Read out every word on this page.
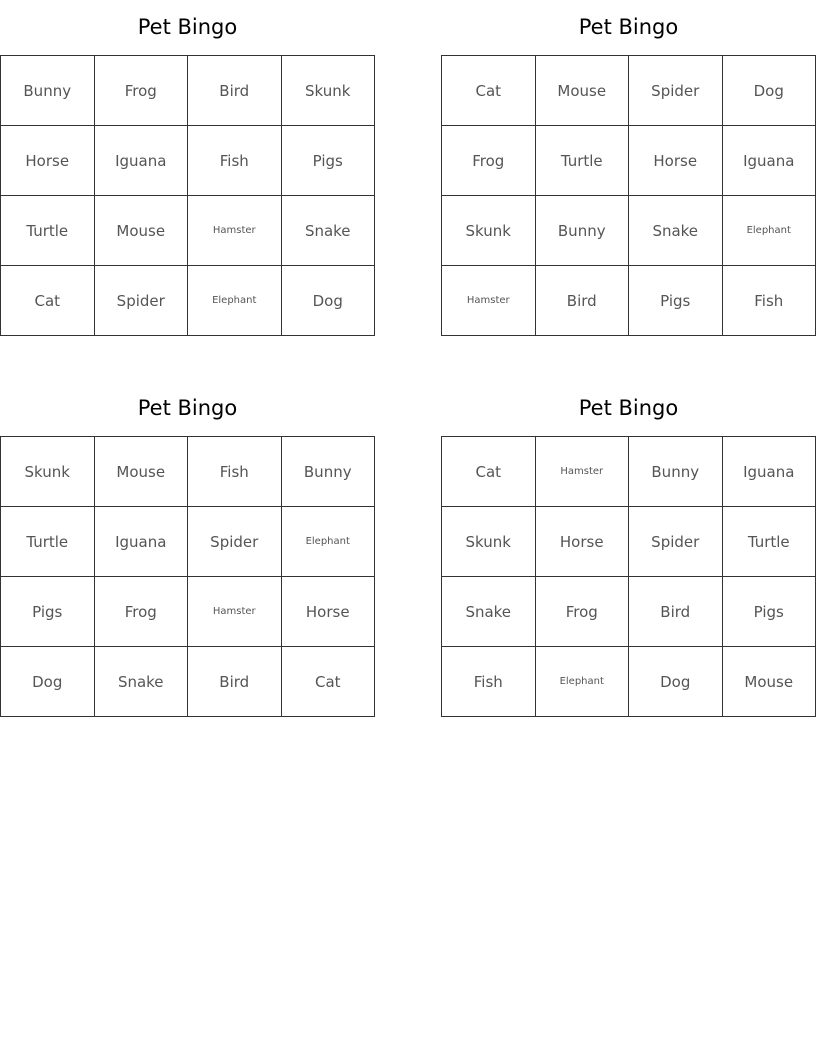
Pet Bingo
Bunny	Frog	Bird	Skunk
Horse	Iguana	Fish	Pigs
Turtle	Mouse	Hamster	Snake
Cat	Spider	Elephant	Dog
Pet Bingo
Cat	Mouse	Spider	Dog
Frog	Turtle	Horse	Iguana
Skunk	Bunny	Snake	Elephant
Hamster	Bird	Pigs	Fish
Pet Bingo
Skunk	Mouse	Fish	Bunny
Turtle	Iguana	Spider	Elephant
Pigs	Frog	Hamster	Horse
Dog	Snake	Bird	Cat
Pet Bingo
Cat	Hamster	Bunny	Iguana
Skunk	Horse	Spider	Turtle
Snake	Frog	Bird	Pigs
Fish	Elephant	Dog	Mouse
